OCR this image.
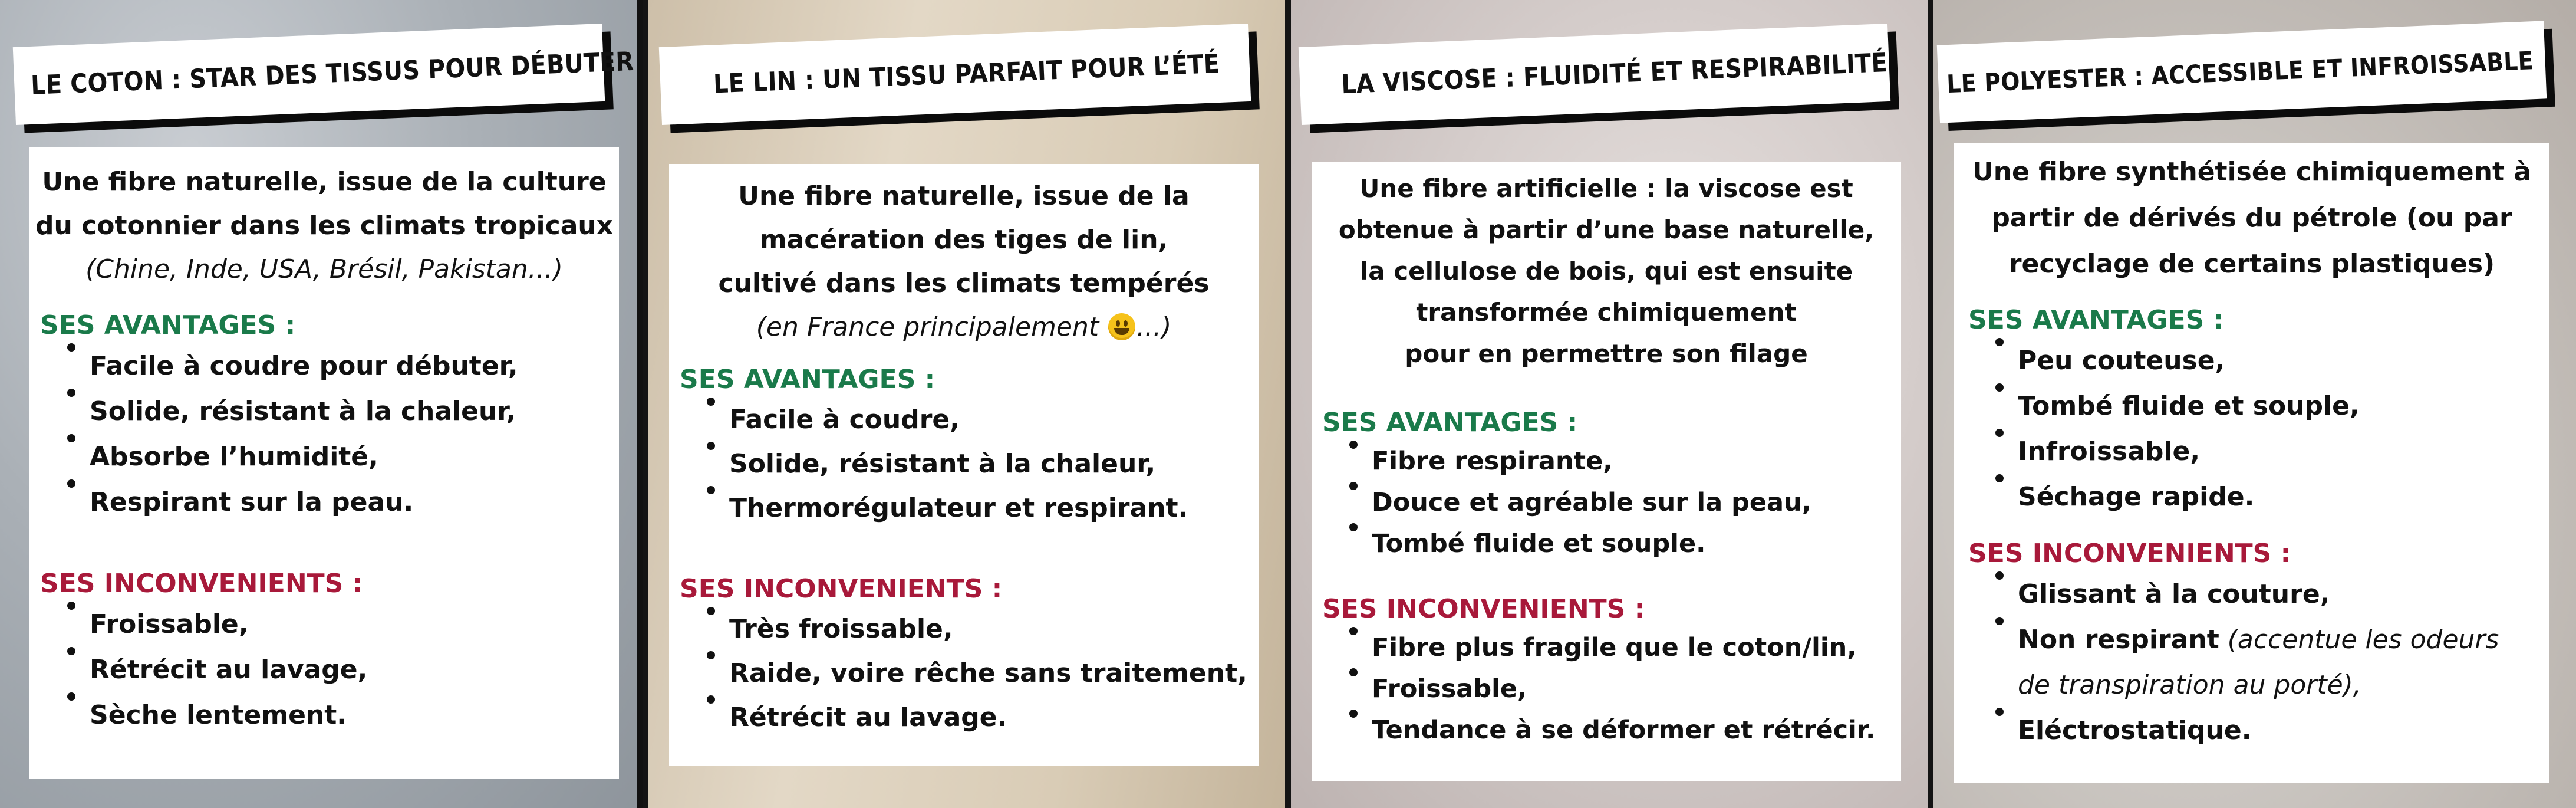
LE COTON : STAR DES TISSUS POUR DÉBUTER
Une fibre naturelle, issue de la culture
du cotonnier dans les climats tropicaux
(Chine, Inde, USA, Brésil, Pakistan...)
SES AVANTAGES :
Facile à coudre pour débuter,
Solide, résistant à la chaleur,
Absorbe l’humidité,
Respirant sur la peau.
SES INCONVENIENTS :
Froissable,
Rétrécit au lavage,
Sèche lentement.
LE LIN : UN TISSU PARFAIT POUR L’ÉTÉ
Une fibre naturelle, issue de la
macération des tiges de lin,
cultivé dans les climats tempérés
(en France principalement ...)
SES AVANTAGES :
Facile à coudre,
Solide, résistant à la chaleur,
Thermorégulateur et respirant.
SES INCONVENIENTS :
Très froissable,
Raide, voire rêche sans traitement,
Rétrécit au lavage.
LA VISCOSE : FLUIDITÉ ET RESPIRABILITÉ
Une fibre artificielle : la viscose est
obtenue à partir d’une base naturelle,
la cellulose de bois, qui est ensuite
transformée chimiquement
pour en permettre son filage
SES AVANTAGES :
Fibre respirante,
Douce et agréable sur la peau,
Tombé fluide et souple.
SES INCONVENIENTS :
Fibre plus fragile que le coton/lin,
Froissable,
Tendance à se déformer et rétrécir.
LE POLYESTER : ACCESSIBLE ET INFROISSABLE
Une fibre synthétisée chimiquement à
partir de dérivés du pétrole (ou par
recyclage de certains plastiques)
SES AVANTAGES :
Peu couteuse,
Tombé fluide et souple,
Infroissable,
Séchage rapide.
SES INCONVENIENTS :
Glissant à la couture,
Non respirant (accentue les odeurs
de transpiration au porté),
Eléctrostatique.
